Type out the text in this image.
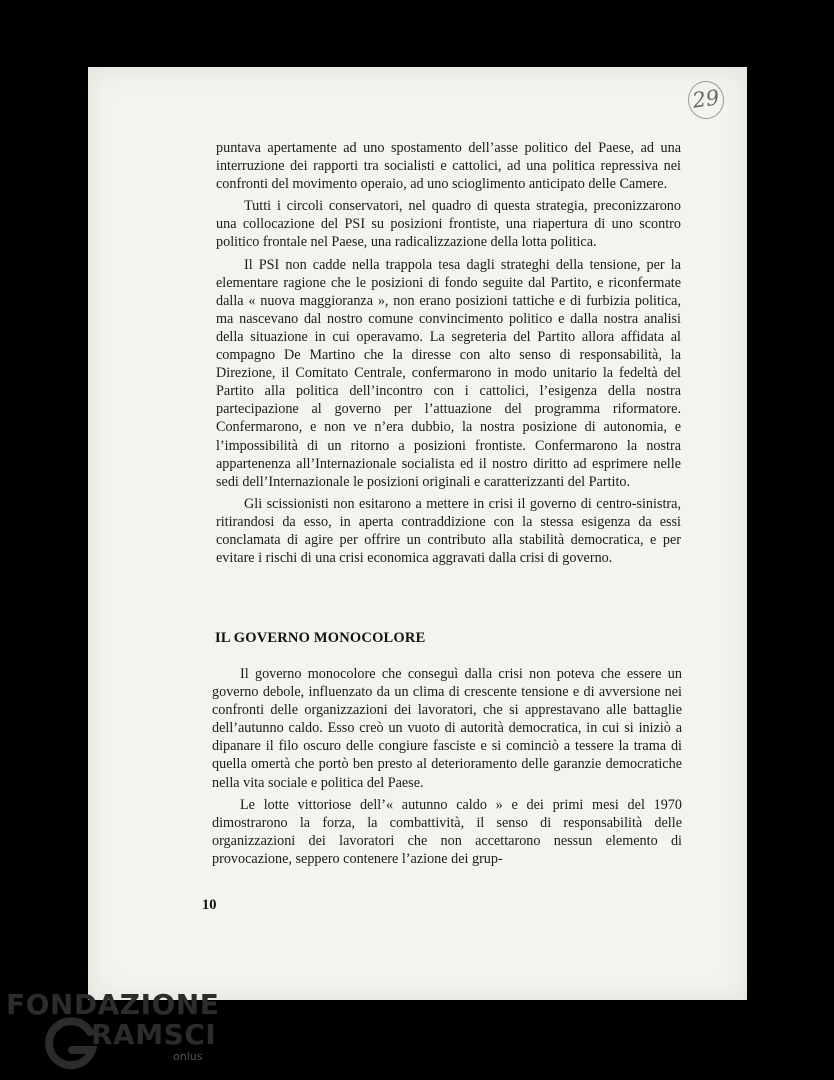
29

puntava apertamente ad uno spostamento dell’asse politico del Paese, ad una interruzione dei rapporti tra socialisti e cattolici, ad una politica repressiva nei confronti del movimento operaio, ad uno scioglimento anticipato delle Camere.

Tutti i circoli conservatori, nel quadro di questa strategia, preconizzarono una collocazione del PSI su posizioni frontiste, una riapertura di uno scontro politico frontale nel Paese, una radicalizzazione della lotta politica.

Il PSI non cadde nella trappola tesa dagli strateghi della tensione, per la elementare ragione che le posizioni di fondo seguite dal Partito, e riconfermate dalla « nuova maggioranza », non erano posizioni tattiche e di furbizia politica, ma nascevano dal nostro comune convincimento politico e dalla nostra analisi della situazione in cui operavamo. La segreteria del Partito allora affidata al compagno De Martino che la diresse con alto senso di responsabilità, la Direzione, il Comitato Centrale, confermarono in modo unitario la fedeltà del Partito alla politica dell’incontro con i cattolici, l’esigenza della nostra partecipazione al governo per l’attuazione del programma riformatore. Confermarono, e non ve n’era dubbio, la nostra posizione di autonomia, e l’impossibilità di un ritorno a posizioni frontiste. Confermarono la nostra appartenenza all’Internazionale socialista ed il nostro diritto ad esprimere nelle sedi dell’Internazionale le posizioni originali e caratterizzanti del Partito.

Gli scissionisti non esitarono a mettere in crisi il governo di centro-sinistra, ritirandosi da esso, in aperta contraddizione con la stessa esigenza da essi conclamata di agire per offrire un contributo alla stabilità democratica, e per evitare i rischi di una crisi economica aggravati dalla crisi di governo.

IL GOVERNO MONOCOLORE

Il governo monocolore che conseguì dalla crisi non poteva che essere un governo debole, influenzato da un clima di crescente tensione e di avversione nei confronti delle organizzazioni dei lavoratori, che si apprestavano alle battaglie dell’autunno caldo. Esso creò un vuoto di autorità democratica, in cui si iniziò a dipanare il filo oscuro delle congiure fasciste e si cominciò a tessere la trama di quella omertà che portò ben presto al deterioramento delle garanzie democratiche nella vita sociale e politica del Paese.

Le lotte vittoriose dell’« autunno caldo » e dei primi mesi del 1970 dimostrarono la forza, la combattività, il senso di responsabilità delle organizzazioni dei lavoratori che non accettarono nessun elemento di provocazione, seppero contenere l’azione dei grup-

10
FONDAZIONE
RAMSCI
onlus
